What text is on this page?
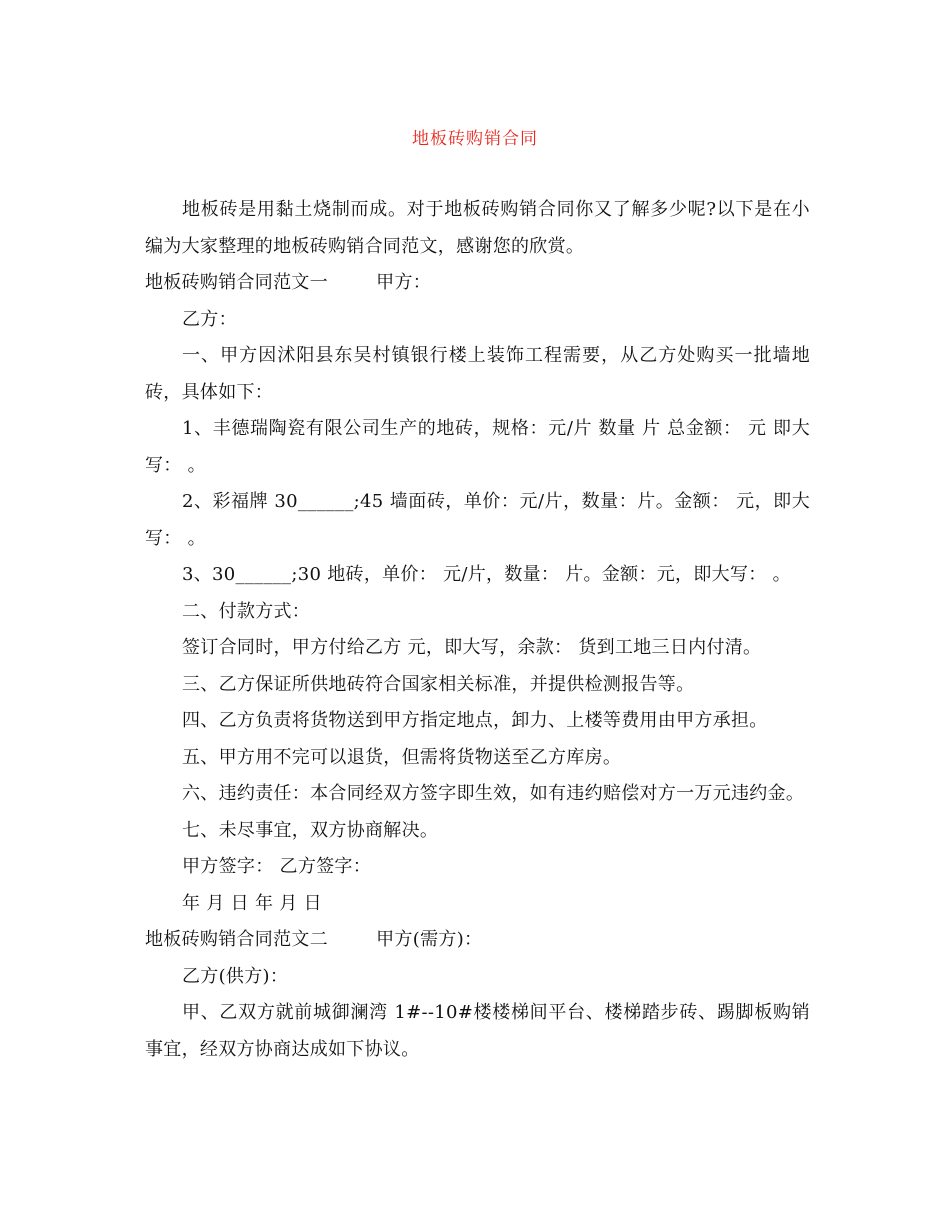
地板砖购销合同

地板砖是用黏土烧制而成。对于地板砖购销合同你又了解多少呢?以下是在小编为大家整理的地板砖购销合同范文，感谢您的欣赏。

地板砖购销合同范文一        甲方：

乙方：

一、甲方因沭阳县东吴村镇银行楼上装饰工程需要，从乙方处购买一批墙地砖，具体如下：

1、丰德瑞陶瓷有限公司生产的地砖，规格：元/片 数量 片 总金额： 元 即大写： 。

2、彩福牌 30______;45 墙面砖，单价：元/片，数量：片。金额： 元，即大写： 。

3、30______;30 地砖，单价： 元/片，数量： 片。金额：元，即大写： 。

二、付款方式：

签订合同时，甲方付给乙方 元，即大写，余款： 货到工地三日内付清。

三、乙方保证所供地砖符合国家相关标准，并提供检测报告等。

四、乙方负责将货物送到甲方指定地点，卸力、上楼等费用由甲方承担。

五、甲方用不完可以退货，但需将货物送至乙方库房。

六、违约责任：本合同经双方签字即生效，如有违约赔偿对方一万元违约金。

七、未尽事宜，双方协商解决。

甲方签字： 乙方签字：

年 月 日 年 月 日

地板砖购销合同范文二        甲方(需方)：

乙方(供方)：

甲、乙双方就前城御澜湾 1#--10#楼楼梯间平台、楼梯踏步砖、踢脚板购销事宜，经双方协商达成如下协议。
